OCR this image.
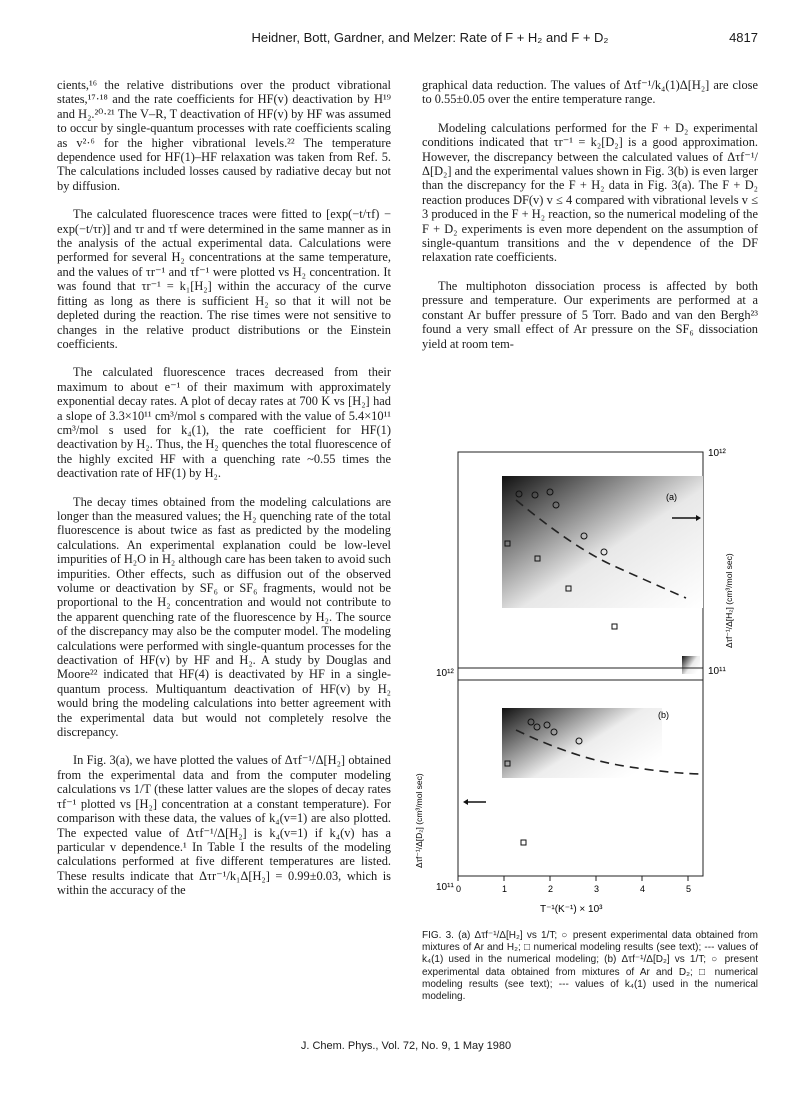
Heidner, Bott, Gardner, and Melzer: Rate of F + H₂ and F + D₂	4817

cients,¹⁶ the relative distributions over the product vibrational states,¹⁷·¹⁸ and the rate coefficients for HF(v) deactivation by H¹⁹ and H₂.²⁰·²¹ The V–R, T deactivation of HF(v) by HF was assumed to occur by single-quantum processes with rate coefficients scaling as v²·⁶ for the higher vibrational levels.²² The temperature dependence used for HF(1)–HF relaxation was taken from Ref. 5. The calculations included losses caused by radiative decay but not by diffusion.

The calculated fluorescence traces were fitted to [exp(−t/τf) − exp(−t/τr)] and τr and τf were determined in the same manner as in the analysis of the actual experimental data. Calculations were performed for several H₂ concentrations at the same temperature, and the values of τr⁻¹ and τf⁻¹ were plotted vs H₂ concentration. It was found that τr⁻¹ = k₁[H₂] within the accuracy of the curve fitting as long as there is sufficient H₂ so that it will not be depleted during the reaction. The rise times were not sensitive to changes in the relative product distributions or the Einstein coefficients.

The calculated fluorescence traces decreased from their maximum to about e⁻¹ of their maximum with approximately exponential decay rates. A plot of decay rates at 700 K vs [H₂] had a slope of 3.3×10¹¹ cm³/mol s compared with the value of 5.4×10¹¹ cm³/mol s used for k₄(1), the rate coefficient for HF(1) deactivation by H₂. Thus, the H₂ quenches the total fluorescence of the highly excited HF with a quenching rate ~0.55 times the deactivation rate of HF(1) by H₂.

The decay times obtained from the modeling calculations are longer than the measured values; the H₂ quenching rate of the total fluorescence is about twice as fast as predicted by the modeling calculations. An experimental explanation could be low-level impurities of H₂O in H₂ although care has been taken to avoid such impurities. Other effects, such as diffusion out of the observed volume or deactivation by SF₆ or SF₆ fragments, would not be proportional to the H₂ concentration and would not contribute to the apparent quenching rate of the fluorescence by H₂. The source of the discrepancy may also be the computer model. The modeling calculations were performed with single-quantum processes for the deactivation of HF(v) by HF and H₂. A study by Douglas and Moore²² indicated that HF(4) is deactivated by HF in a single-quantum process. Multiquantum deactivation of HF(v) by H₂ would bring the modeling calculations into better agreement with the experimental data but would not completely resolve the discrepancy.

In Fig. 3(a), we have plotted the values of Δτf⁻¹/Δ[H₂] obtained from the experimental data and from the computer modeling calculations vs 1/T (these latter values are the slopes of decay rates τf⁻¹ plotted vs [H₂] concentration at a constant temperature). For comparison with these data, the values of k₄(v=1) are also plotted. The expected value of Δτf⁻¹/Δ[H₂] is k₄(v=1) if k₄(v) has a particular v dependence.¹ In Table I the results of the modeling calculations performed at five different temperatures are listed. These results indicate that Δτr⁻¹/k₁Δ[H₂] = 0.99±0.03, which is within the accuracy of the

graphical data reduction. The values of Δτf⁻¹/k₄(1)Δ[H₂] are close to 0.55±0.05 over the entire temperature range.

Modeling calculations performed for the F + D₂ experimental conditions indicated that τr⁻¹ = k₂[D₂] is a good approximation. However, the discrepancy between the calculated values of Δτf⁻¹/Δ[D₂] and the experimental values shown in Fig. 3(b) is even larger than the discrepancy for the F + H₂ data in Fig. 3(a). The F + D₂ reaction produces DF(v) v ≤ 4 compared with vibrational levels v ≤ 3 produced in the F + H₂ reaction, so the numerical modeling of the F + D₂ experiments is even more dependent on the assumption of single-quantum transitions and the v dependence of the DF relaxation rate coefficients.

The multiphoton dissociation process is affected by both pressure and temperature. Our experiments are performed at a constant Ar buffer pressure of 5 Torr. Bado and van den Bergh²³ found a very small effect of Ar pressure on the SF₆ dissociation yield at room tem-

(a)
10¹²
Δτf⁻¹/Δ[H₂] (cm³/mol sec)
(b)
10¹²	10¹¹
10¹¹
Δτf⁻¹/Δ[D₂] (cm³/mol sec)
0	1	2	3	4	5
T⁻¹(K⁻¹) × 10³
FIG. 3. (a) Δτf⁻¹/Δ[H₂] vs 1/T; ○ present experimental data obtained from mixtures of Ar and H₂; □ numerical modeling results (see text); --- values of k₄(1) used in the numerical modeling; (b) Δτf⁻¹/Δ[D₂] vs 1/T; ○ present experimental data obtained from mixtures of Ar and D₂; □ numerical modeling results (see text); --- values of k₄(1) used in the numerical modeling.
J. Chem. Phys., Vol. 72, No. 9, 1 May 1980
